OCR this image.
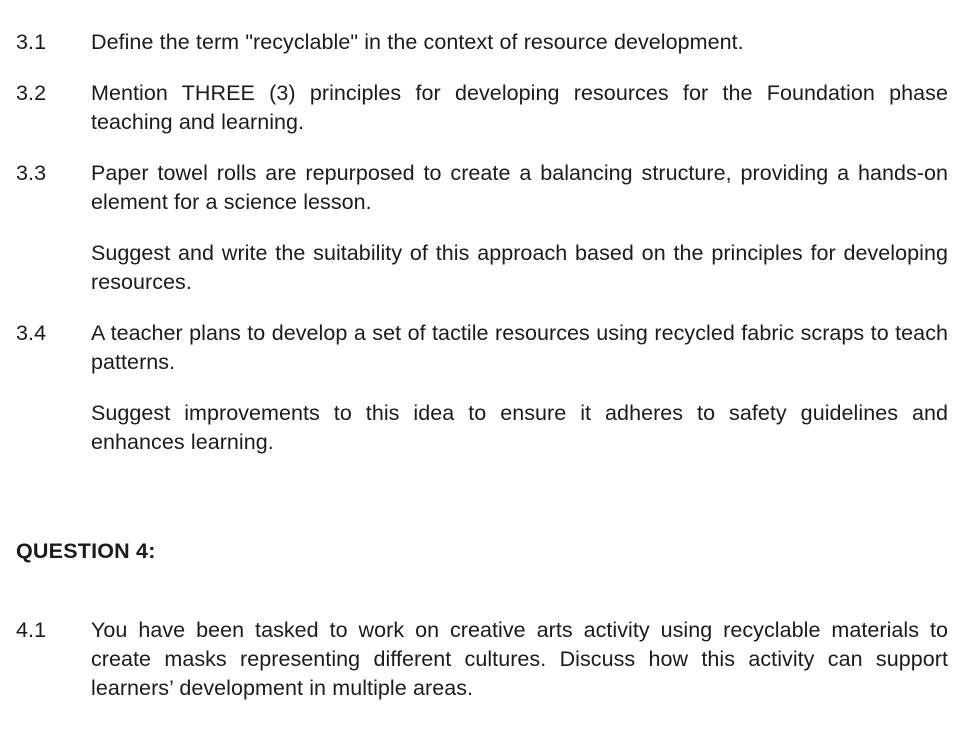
3.1	Define the term "recyclable" in the context of resource development.

3.2	Mention THREE (3) principles for developing resources for the Foundation phase teaching and learning.

3.3	Paper towel rolls are repurposed to create a balancing structure, providing a hands-on element for a science lesson.

Suggest and write the suitability of this approach based on the principles for developing resources.

3.4	A teacher plans to develop a set of tactile resources using recycled fabric scraps to teach patterns.

Suggest improvements to this idea to ensure it adheres to safety guidelines and enhances learning.

QUESTION 4:
4.1	You have been tasked to work on creative arts activity using recyclable materials to create masks representing different cultures. Discuss how this activity can support learners’ development in multiple areas.
